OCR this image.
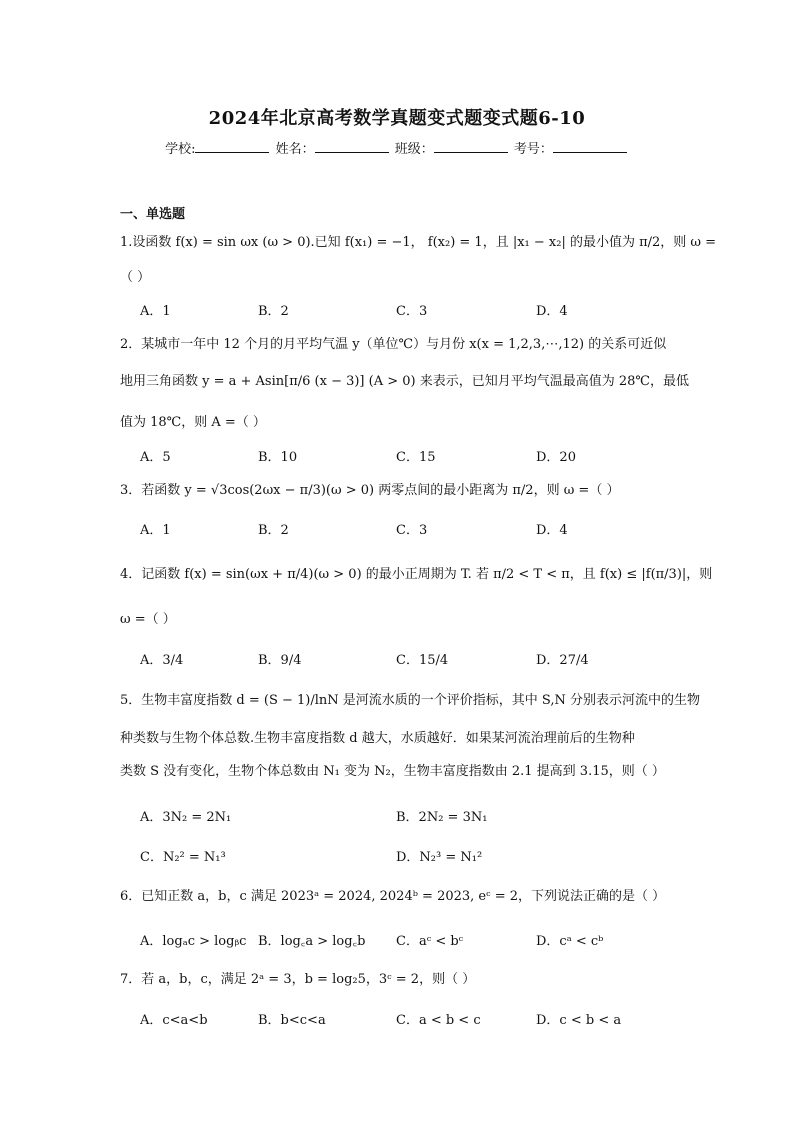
2024年北京高考数学真题变式题变式题6-10
学校:	姓名：	班级：	考号：
一、单选题
1.设函数 f(x) = sin ωx (ω > 0).已知 f(x₁) = −1， f(x₂) = 1，且 |x₁ − x₂| 的最小值为 π/2，则 ω =
（ ）
A．1	B．2	C．3	D．4
2．某城市一年中 12 个月的月平均气温 y（单位℃）与月份 x(x = 1,2,3,⋯,12) 的关系可近似
地用三角函数 y = a + Asin[π/6 (x − 3)] (A > 0) 来表示，已知月平均气温最高值为 28℃，最低
值为 18℃，则 A =（ ）
A．5	B．10	C．15	D．20
3．若函数 y = √3cos(2ωx − π/3)(ω > 0) 两零点间的最小距离为 π/2，则 ω =（ ）
A．1	B．2	C．3	D．4
4．记函数 f(x) = sin(ωx + π/4)(ω > 0) 的最小正周期为 T. 若 π/2 < T < π，且 f(x) ≤ |f(π/3)|，则
ω =（ ）
A．3/4	B．9/4	C．15/4	D．27/4
5．生物丰富度指数 d = (S − 1)/lnN 是河流水质的一个评价指标，其中 S,N 分别表示河流中的生物
种类数与生物个体总数.生物丰富度指数 d 越大，水质越好．如果某河流治理前后的生物种
类数 S 没有变化，生物个体总数由 N₁ 变为 N₂，生物丰富度指数由 2.1 提高到 3.15，则（ ）
A．3N₂ = 2N₁	B．2N₂ = 3N₁
C．N₂² = N₁³	D．N₂³ = N₁²
6．已知正数 a，b，c 满足 2023ᵃ = 2024, 2024ᵇ = 2023, eᶜ = 2，下列说法正确的是（ ）
A．logₐc > logᵦc B．log꜀a > log꜀b C．aᶜ < bᶜ	D．cᵃ < cᵇ
7．若 a，b，c，满足 2ᵃ = 3，b = log₂5，3ᶜ = 2，则（ ）
A．c<a<b	B．b<c<a	C．a < b < c	D．c < b < a
